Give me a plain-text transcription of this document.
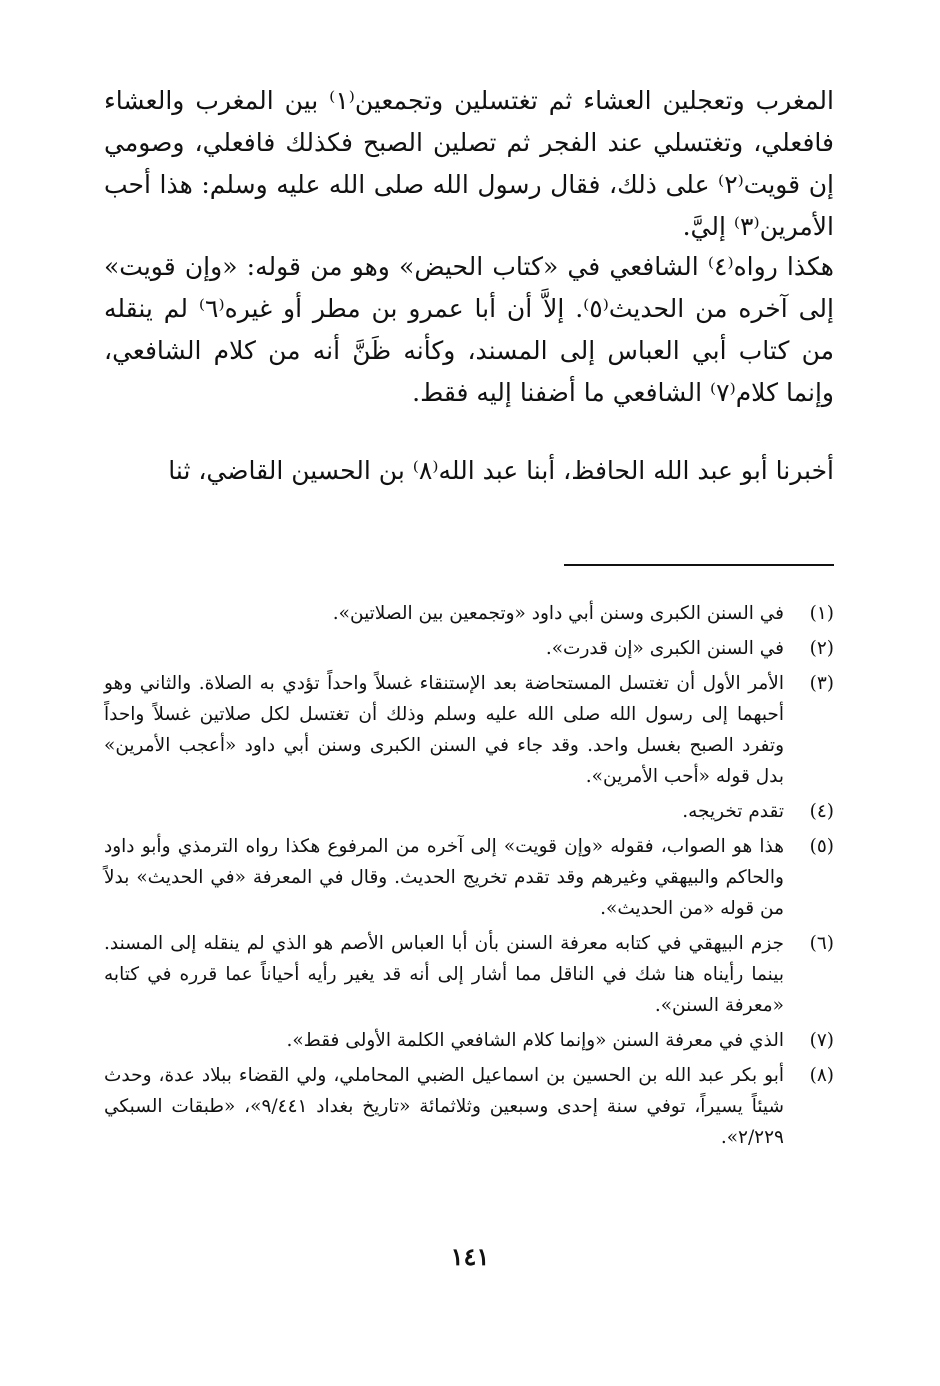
المغرب وتعجلين العشاء ثم تغتسلين وتجمعين⁽١⁾ بين المغرب والعشاء فافعلي، وتغتسلي عند الفجر ثم تصلين الصبح فكذلك فافعلي، وصومي إن قويت⁽٢⁾ على ذلك، فقال رسول الله صلى الله عليه وسلم: هذا أحب الأمرين⁽٣⁾ إليَّ.

هكذا رواه⁽٤⁾ الشافعي في «كتاب الحيض» وهو من قوله: «وإن قويت» إلى آخره من الحديث⁽٥⁾. إلاَّ أن أبا عمرو بن مطر أو غيره⁽٦⁾ لم ينقله من كتاب أبي العباس إلى المسند، وكأنه ظَنَّ أنه من كلام الشافعي، وإنما كلام⁽٧⁾ الشافعي ما أضفنا إليه فقط.

أخبرنا أبو عبد الله الحافظ، أبنا عبد الله⁽٨⁾ بن الحسين القاضي، ثنا

(١)
في السنن الكبرى وسنن أبي داود «وتجمعين بين الصلاتين».
(٢)
في السنن الكبرى «إن قدرت».
(٣)
الأمر الأول أن تغتسل المستحاضة بعد الإستنقاء غسلاً واحداً تؤدي به الصلاة. والثاني وهو أحبهما إلى رسول الله صلى الله عليه وسلم وذلك أن تغتسل لكل صلاتين غسلاً واحداً وتفرد الصبح بغسل واحد. وقد جاء في السنن الكبرى وسنن أبي داود «أعجب الأمرين» بدل قوله «أحب الأمرين».
(٤)
تقدم تخريجه.
(٥)
هذا هو الصواب، فقوله «وإن قويت» إلى آخره من المرفوع هكذا رواه الترمذي وأبو داود والحاكم والبيهقي وغيرهم وقد تقدم تخريج الحديث. وقال في المعرفة «في الحديث» بدلاً من قوله «من الحديث».
(٦)
جزم البيهقي في كتابه معرفة السنن بأن أبا العباس الأصم هو الذي لم ينقله إلى المسند. بينما رأيناه هنا شك في الناقل مما أشار إلى أنه قد يغير رأيه أحياناً عما قرره في كتابه «معرفة السنن».
(٧)
الذي في معرفة السنن «وإنما كلام الشافعي الكلمة الأولى فقط».
(٨)
أبو بكر عبد الله بن الحسين بن اسماعيل الضبي المحاملي، ولي القضاء ببلاد عدة، وحدث شيئاً يسيراً، توفي سنة إحدى وسبعين وثلاثمائة «تاريخ بغداد ٩/٤٤١»، «طبقات السبكي ٢/٢٢٩».
١٤١
